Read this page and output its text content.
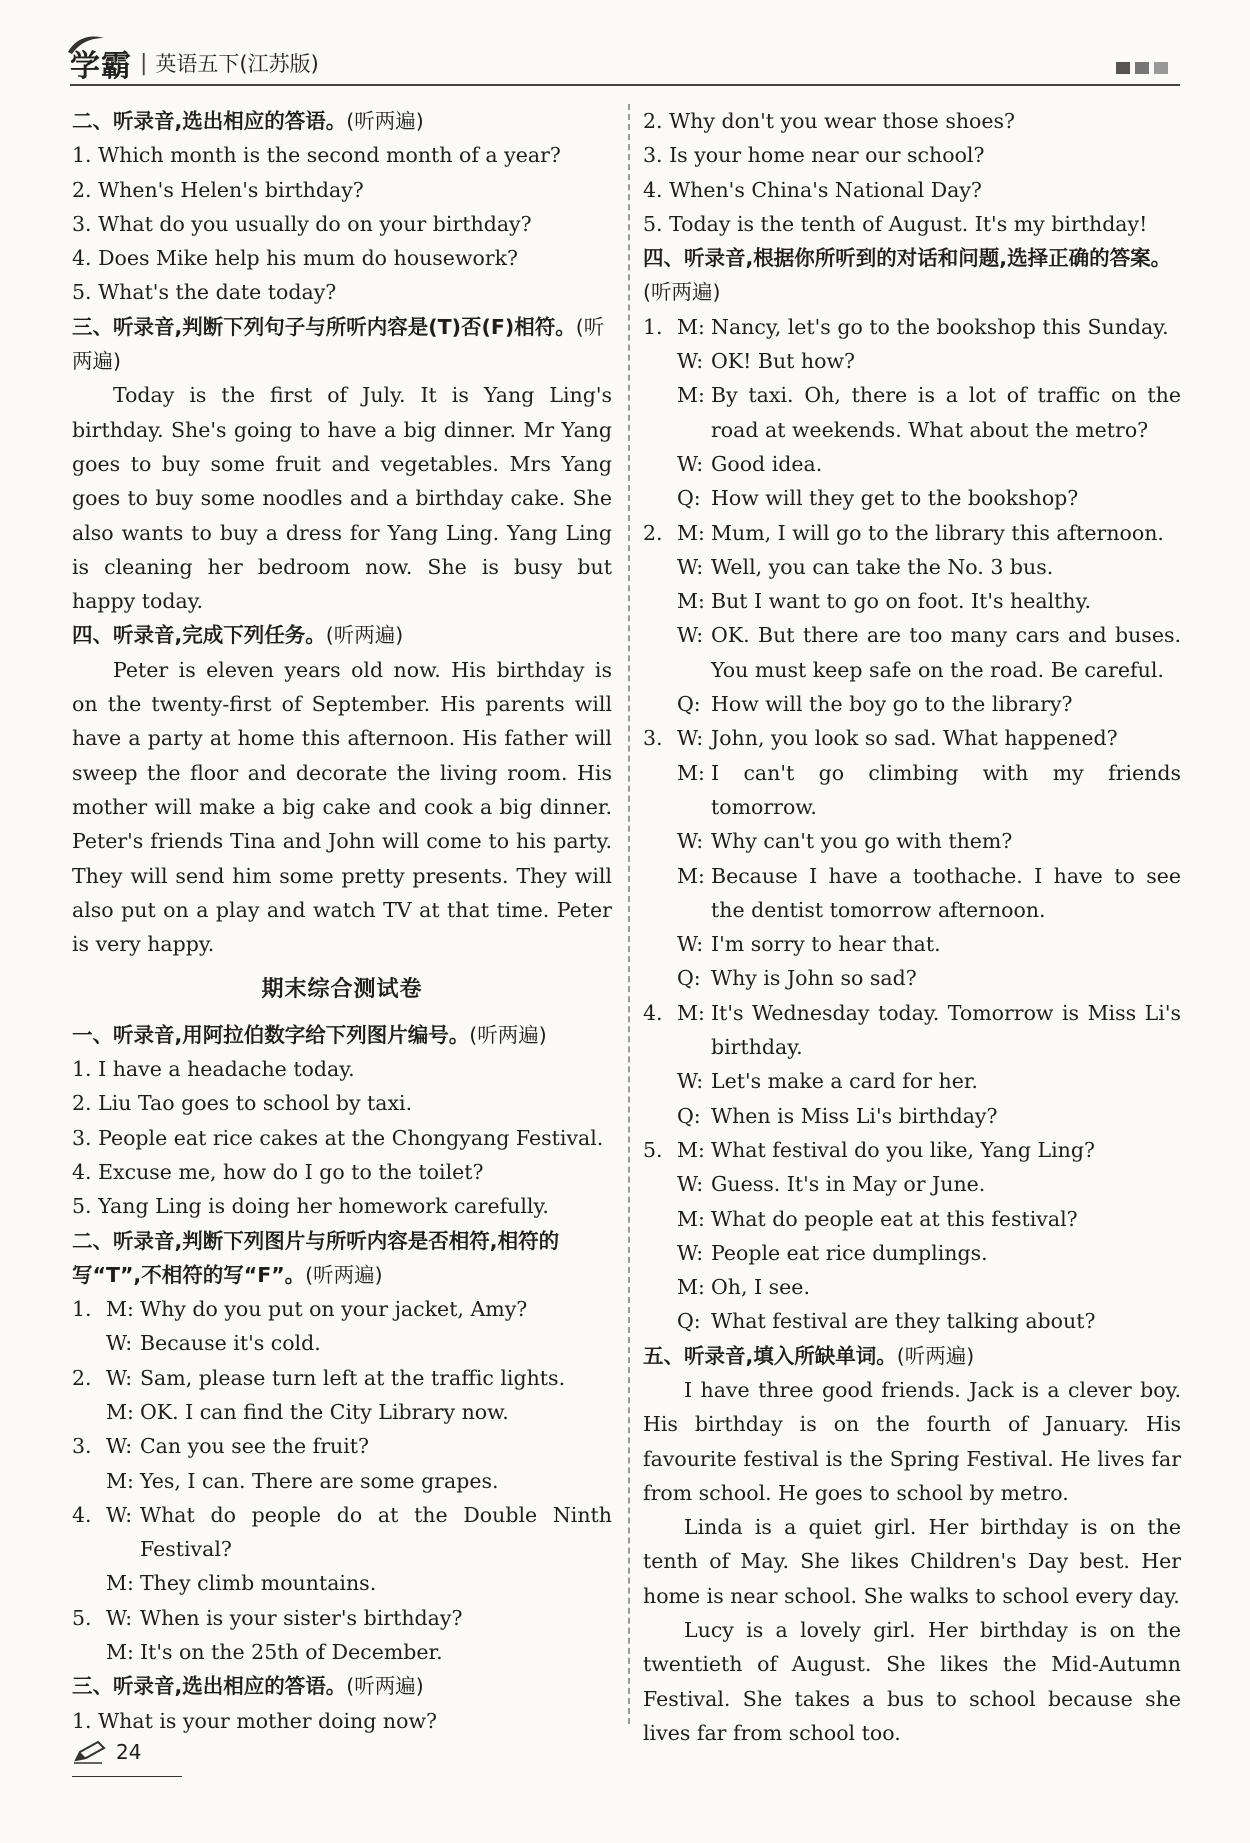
学霸 | 英语五下(江苏版)
二、听录音,选出相应的答语。(听两遍)
1. Which month is the second month of a year?
2. When's Helen's birthday?
3. What do you usually do on your birthday?
4. Does Mike help his mum do housework?
5. What's the date today?
三、听录音,判断下列句子与所听内容是(T)否(F)相符。(听两遍)
Today is the first of July. It is Yang Ling's birthday. She's going to have a big dinner. Mr Yang goes to buy some fruit and vegetables. Mrs Yang goes to buy some noodles and a birthday cake. She also wants to buy a dress for Yang Ling. Yang Ling is cleaning her bedroom now. She is busy but happy today.
四、听录音,完成下列任务。(听两遍)
Peter is eleven years old now. His birthday is on the twenty-first of September. His parents will have a party at home this afternoon. His father will sweep the floor and decorate the living room. His mother will make a big cake and cook a big dinner. Peter's friends Tina and John will come to his party. They will send him some pretty presents. They will also put on a play and watch TV at that time. Peter is very happy.
期末综合测试卷
一、听录音,用阿拉伯数字给下列图片编号。(听两遍)
1. I have a headache today.
2. Liu Tao goes to school by taxi.
3. People eat rice cakes at the Chongyang Festival.
4. Excuse me, how do I go to the toilet?
5. Yang Ling is doing her homework carefully.
二、听录音,判断下列图片与所听内容是否相符,相符的写“T”,不相符的写“F”。(听两遍)
1. M: Why do you put on your jacket, Amy?
W: Because it's cold.
2. W: Sam, please turn left at the traffic lights.
M: OK. I can find the City Library now.
3. W: Can you see the fruit?
M: Yes, I can. There are some grapes.
4. W: What do people do at the Double Ninth Festival?
M: They climb mountains.
5. W: When is your sister's birthday?
M: It's on the 25th of December.
三、听录音,选出相应的答语。(听两遍)
1. What is your mother doing now?
2. Why don't you wear those shoes?
3. Is your home near our school?
4. When's China's National Day?
5. Today is the tenth of August. It's my birthday!
四、听录音,根据你所听到的对话和问题,选择正确的答案。(听两遍)
1. M: Nancy, let's go to the bookshop this Sunday.
W: OK! But how?
M: By taxi. Oh, there is a lot of traffic on the road at weekends. What about the metro?
W: Good idea.
Q: How will they get to the bookshop?
2. M: Mum, I will go to the library this afternoon.
W: Well, you can take the No. 3 bus.
M: But I want to go on foot. It's healthy.
W: OK. But there are too many cars and buses. You must keep safe on the road. Be careful.
Q: How will the boy go to the library?
3. W: John, you look so sad. What happened?
M: I can't go climbing with my friends tomorrow.
W: Why can't you go with them?
M: Because I have a toothache. I have to see the dentist tomorrow afternoon.
W: I'm sorry to hear that.
Q: Why is John so sad?
4. M: It's Wednesday today. Tomorrow is Miss Li's birthday.
W: Let's make a card for her.
Q: When is Miss Li's birthday?
5. M: What festival do you like, Yang Ling?
W: Guess. It's in May or June.
M: What do people eat at this festival?
W: People eat rice dumplings.
M: Oh, I see.
Q: What festival are they talking about?
五、听录音,填入所缺单词。(听两遍)
I have three good friends. Jack is a clever boy. His birthday is on the fourth of January. His favourite festival is the Spring Festival. He lives far from school. He goes to school by metro.
Linda is a quiet girl. Her birthday is on the tenth of May. She likes Children's Day best. Her home is near school. She walks to school every day.
Lucy is a lovely girl. Her birthday is on the twentieth of August. She likes the Mid-Autumn Festival. She takes a bus to school because she lives far from school too.
24
